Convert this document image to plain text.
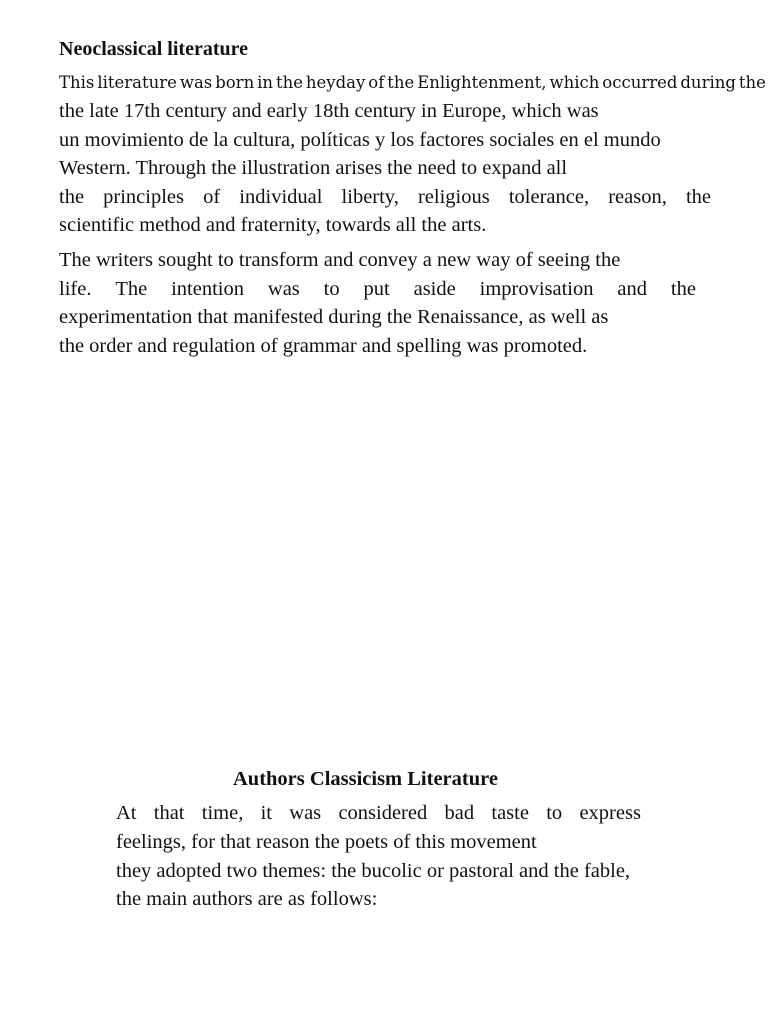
Neoclassical literature
This literature was born in the heyday of the Enlightenment, which occurred during the
the late 17th century and early 18th century in Europe, which was
un movimiento de la cultura, políticas y los factores sociales en el mundo
Western. Through the illustration arises the need to expand all
the principles of individual liberty, religious tolerance, reason, the
scientific method and fraternity, towards all the arts.
The writers sought to transform and convey a new way of seeing the
life. The intention was to put aside improvisation and the
experimentation that manifested during the Renaissance, as well as
the order and regulation of grammar and spelling was promoted.
Authors Classicism Literature
At that time, it was considered bad taste to express
feelings, for that reason the poets of this movement
they adopted two themes: the bucolic or pastoral and the fable,
the main authors are as follows:
